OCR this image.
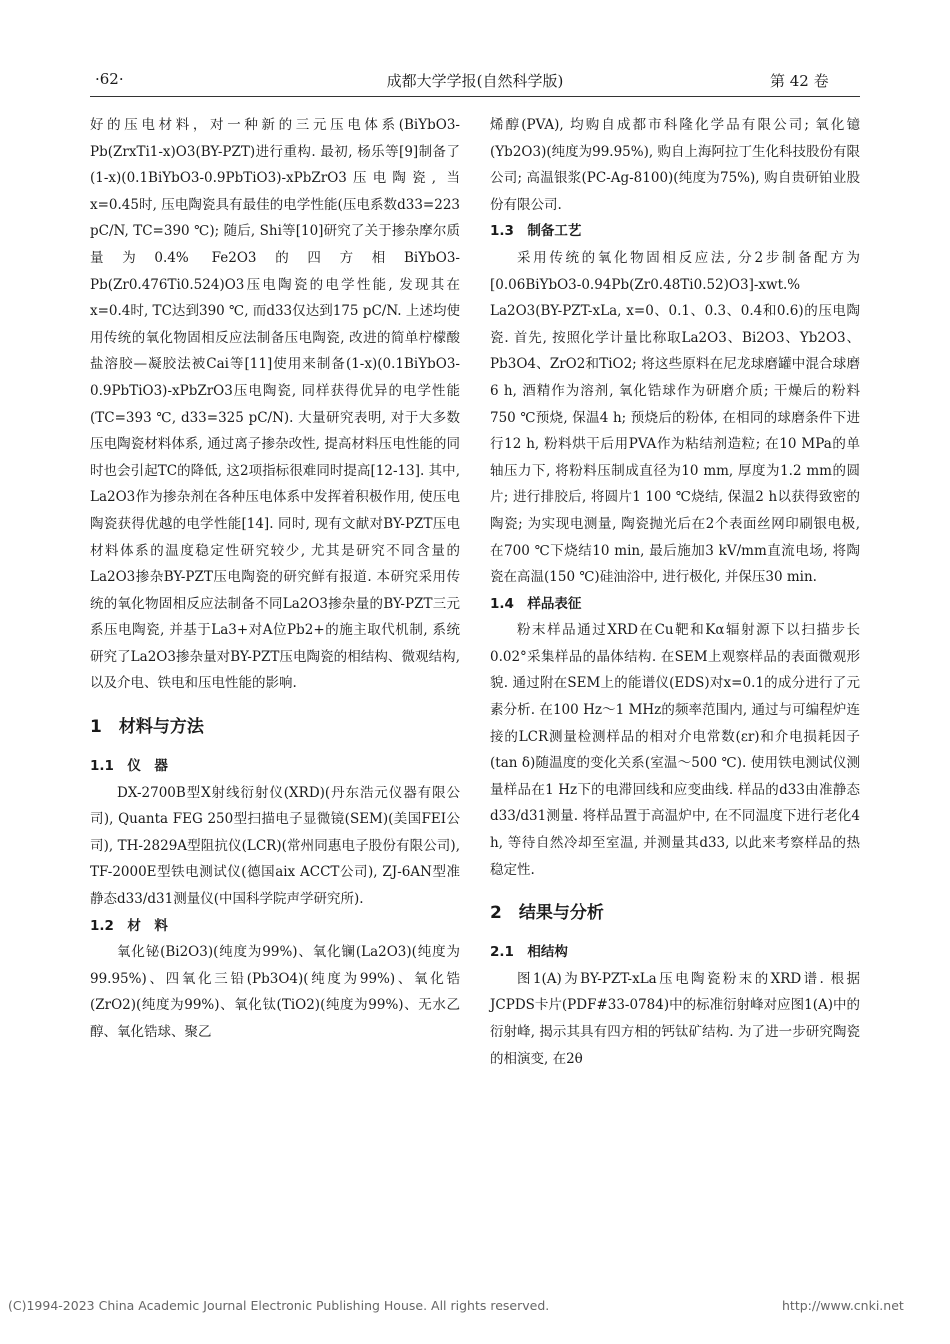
·62·	成都大学学报(自然科学版)	第 42 卷

好的压电材料，对一种新的三元压电体系(BiYbO3-Pb(ZrxTi1-x)O3(BY-PZT)进行重构. 最初, 杨乐等[9]制备了(1-x)(0.1BiYbO3-0.9PbTiO3)-xPbZrO3压电陶瓷, 当x=0.45时, 压电陶瓷具有最佳的电学性能(压电系数d33=223 pC/N, TC=390 ℃); 随后, Shi等[10]研究了关于掺杂摩尔质量为0.4% Fe2O3的四方相BiYbO3-Pb(Zr0.476Ti0.524)O3压电陶瓷的电学性能, 发现其在x=0.4时, TC达到390 ℃, 而d33仅达到175 pC/N. 上述均使用传统的氧化物固相反应法制备压电陶瓷, 改进的简单柠檬酸盐溶胶—凝胶法被Cai等[11]使用来制备(1-x)(0.1BiYbO3-0.9PbTiO3)-xPbZrO3压电陶瓷, 同样获得优异的电学性能(TC=393 ℃, d33=325 pC/N). 大量研究表明, 对于大多数压电陶瓷材料体系, 通过离子掺杂改性, 提高材料压电性能的同时也会引起TC的降低, 这2项指标很难同时提高[12-13]. 其中, La2O3作为掺杂剂在各种压电体系中发挥着积极作用, 使压电陶瓷获得优越的电学性能[14]. 同时, 现有文献对BY-PZT压电材料体系的温度稳定性研究较少, 尤其是研究不同含量的La2O3掺杂BY-PZT压电陶瓷的研究鲜有报道. 本研究采用传统的氧化物固相反应法制备不同La2O3掺杂量的BY-PZT三元系压电陶瓷, 并基于La3+对A位Pb2+的施主取代机制, 系统研究了La2O3掺杂量对BY-PZT压电陶瓷的相结构、微观结构, 以及介电、铁电和压电性能的影响.

1　材料与方法
1.1　仪　器

DX-2700B型X射线衍射仪(XRD)(丹东浩元仪器有限公司), Quanta FEG 250型扫描电子显微镜(SEM)(美国FEI公司), TH-2829A型阻抗仪(LCR)(常州同惠电子股份有限公司), TF-2000E型铁电测试仪(德国aix ACCT公司), ZJ-6AN型准静态d33/d31测量仪(中国科学院声学研究所).

1.2　材　料

氧化铋(Bi2O3)(纯度为99%)、氧化镧(La2O3)(纯度为99.95%)、四氧化三铅(Pb3O4)(纯度为99%)、氧化锆(ZrO2)(纯度为99%)、氧化钛(TiO2)(纯度为99%)、无水乙醇、氧化锆球、聚乙

烯醇(PVA), 均购自成都市科隆化学品有限公司; 氧化镱(Yb2O3)(纯度为99.95%), 购自上海阿拉丁生化科技股份有限公司; 高温银浆(PC-Ag-8100)(纯度为75%), 购自贵研铂业股份有限公司.

1.3　制备工艺

采用传统的氧化物固相反应法, 分2步制备配方为[0.06BiYbO3-0.94Pb(Zr0.48Ti0.52)O3]-xwt.% La2O3(BY-PZT-xLa, x=0、0.1、0.3、0.4和0.6)的压电陶瓷. 首先, 按照化学计量比称取La2O3、Bi2O3、Yb2O3、Pb3O4、ZrO2和TiO2; 将这些原料在尼龙球磨罐中混合球磨6 h, 酒精作为溶剂, 氧化锆球作为研磨介质; 干燥后的粉料750 ℃预烧, 保温4 h; 预烧后的粉体, 在相同的球磨条件下进行12 h, 粉料烘干后用PVA作为粘结剂造粒; 在10 MPa的单轴压力下, 将粉料压制成直径为10 mm, 厚度为1.2 mm的圆片; 进行排胶后, 将圆片1 100 ℃烧结, 保温2 h以获得致密的陶瓷; 为实现电测量, 陶瓷抛光后在2个表面丝网印刷银电极, 在700 ℃下烧结10 min, 最后施加3 kV/mm直流电场, 将陶瓷在高温(150 ℃)硅油浴中, 进行极化, 并保压30 min.

1.4　样品表征

粉末样品通过XRD在Cu靶和Kα辐射源下以扫描步长0.02°采集样品的晶体结构. 在SEM上观察样品的表面微观形貌. 通过附在SEM上的能谱仪(EDS)对x=0.1的成分进行了元素分析. 在100 Hz～1 MHz的频率范围内, 通过与可编程炉连接的LCR测量检测样品的相对介电常数(εr)和介电损耗因子(tan δ)随温度的变化关系(室温～500 ℃). 使用铁电测试仪测量样品在1 Hz下的电滞回线和应变曲线. 样品的d33由准静态d33/d31测量. 将样品置于高温炉中, 在不同温度下进行老化4 h, 等待自然冷却至室温, 并测量其d33, 以此来考察样品的热稳定性.

2　结果与分析
2.1　相结构

图1(A)为BY-PZT-xLa压电陶瓷粉末的XRD谱. 根据JCPDS卡片(PDF#33-0784)中的标准衍射峰对应图1(A)中的衍射峰, 揭示其具有四方相的钙钛矿结构. 为了进一步研究陶瓷的相演变, 在2θ

(C)1994-2023 China Academic Journal Electronic Publishing House. All rights reserved.	http://www.cnki.net
